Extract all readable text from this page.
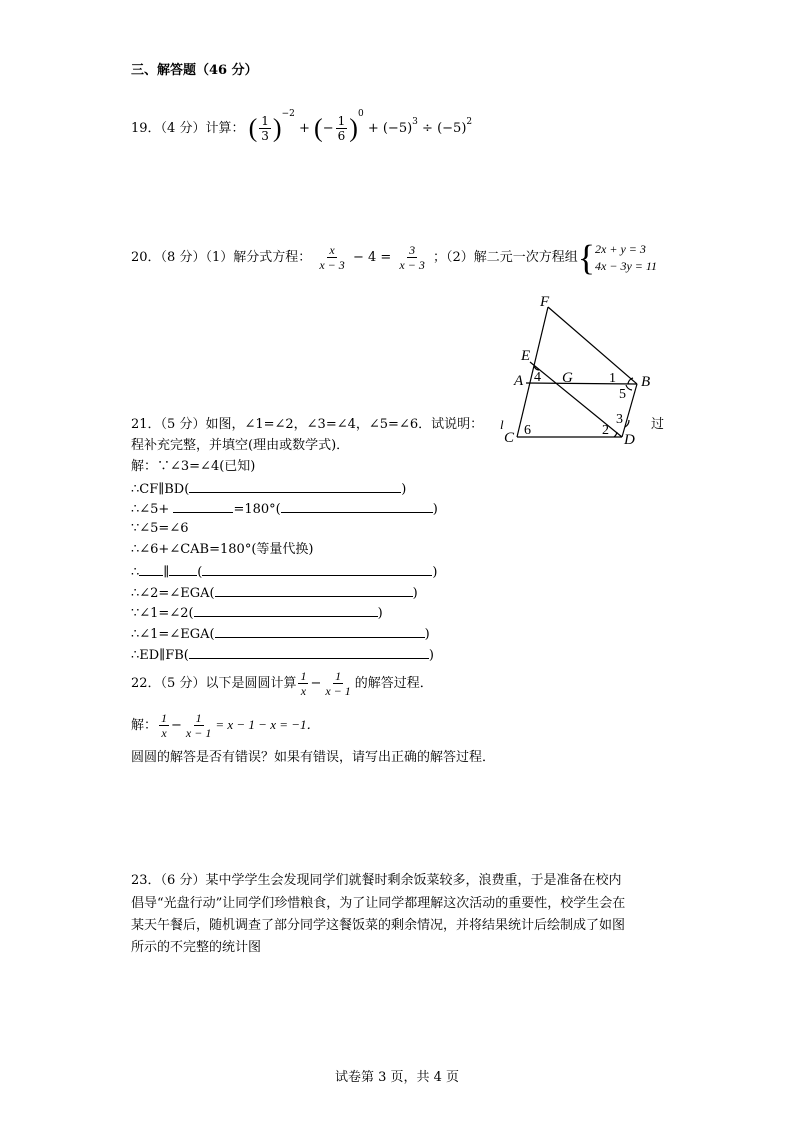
三、解答题（46 分）
19．（4 分）计算： ( $\frac{1}{3} )^{-2}$ + (− $\frac{1}{6} )^0 + (-5)^3 \div (-5)^2$
20．（8 分）（1）解分式方程： $\frac{x}{x - 3} - 4 = \frac{3}{x - 3}$ ；（2）解二元一次方程组{ 2x + y = 3
4x − 3y = 11
F
E
A	G	B
C	D
1
2
3
4
5
6
21．（5 分）如图，∠1=∠2，∠3=∠4，∠5=∠6．试说明： l	过
程补充完整，并填空(理由或数学式)．
解：∵∠3=∠4(已知)
∴CF∥BD(	)
∴∠5+	=180°(	)
∵∠5=∠6
∴∠6+∠CAB=180°(等量代换)
∴ ∥ (	)
∴∠2=∠EGA(	)
∵∠1=∠2(	)
∴∠1=∠EGA(	)
∴ED∥FB(	)
22．（5 分）以下是圆圆计算 $\frac{1}{x} - \frac{1}{x - 1}$ 的解答过程．
解： $\frac{1}{x} - \frac{1}{x - 1} = x - 1 - x = -1$．
圆圆的解答是否有错误？如果有错误，请写出正确的解答过程．
23．（6 分）某中学学生会发现同学们就餐时剩余饭菜较多，浪费重，于是准备在校内
倡导“光盘行动”让同学们珍惜粮食，为了让同学都理解这次活动的重要性，校学生会在
某天午餐后，随机调查了部分同学这餐饭菜的剩余情况，并将结果统计后绘制成了如图
所示的不完整的统计图
试卷第 3 页，共 4 页
